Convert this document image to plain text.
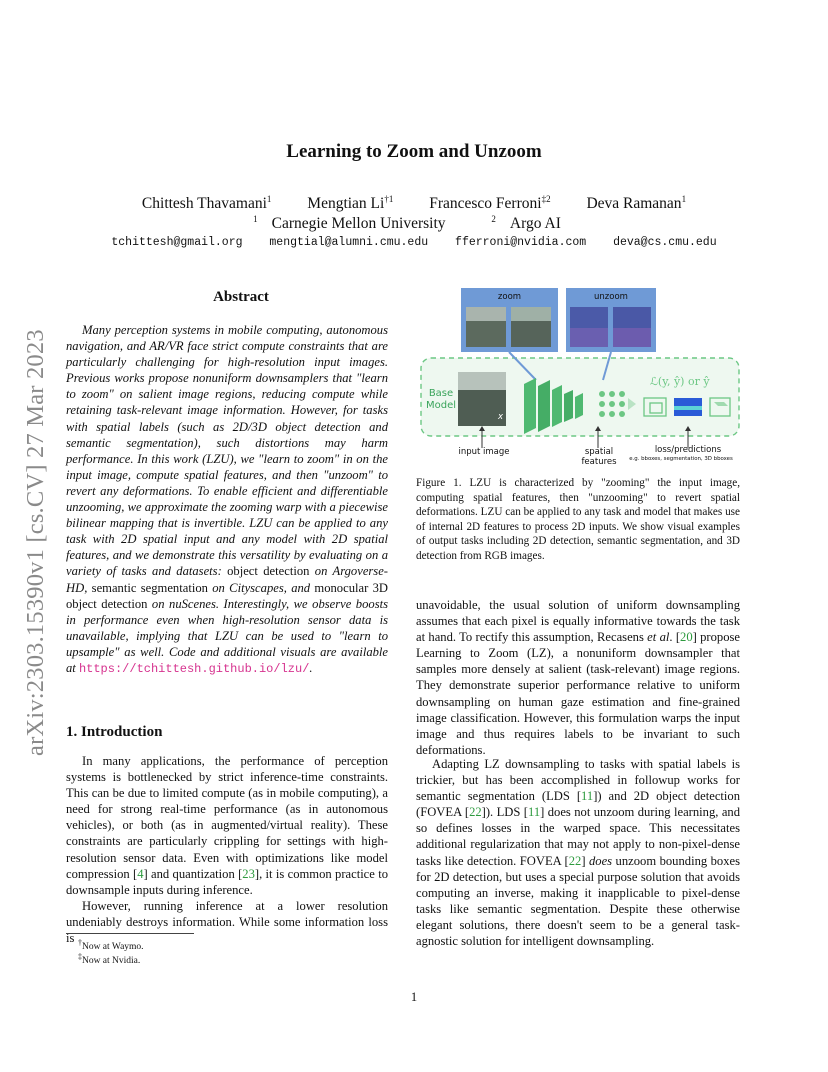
Learning to Zoom and Unzoom
Chittesh Thavamani$^1$ Mengtian Li$^{\dagger 1}$ Francesco Ferroni$^{\ddagger 2}$ Deva Ramanan$^1$
$^1$ Carnegie Mellon University	$^2$ Argo AI
tchittesh@gmail.org mengtial@alumni.cmu.edu fferroni@nvidia.com deva@cs.cmu.edu
arXiv:2303.15390v1 [cs.CV] 27 Mar 2023
Abstract
Many perception systems in mobile computing, autonomous navigation, and AR/VR face strict compute constraints that are particularly challenging for high-resolution input images. Previous works propose nonuniform downsamplers that "learn to zoom" on salient image regions, reducing compute while retaining task-relevant image information. However, for tasks with spatial labels (such as 2D/3D object detection and semantic segmentation), such distortions may harm performance. In this work (LZU), we "learn to zoom" in on the input image, compute spatial features, and then "unzoom" to revert any deformations. To enable efficient and differentiable unzooming, we approximate the zooming warp with a piecewise bilinear mapping that is invertible. LZU can be applied to any task with 2D spatial input and any model with 2D spatial features, and we demonstrate this versatility by evaluating on a variety of tasks and datasets: object detection on Argoverse-HD, semantic segmentation on Cityscapes, and monocular 3D object detection on nuScenes. Interestingly, we observe boosts in performance even when high-resolution sensor data is unavailable, implying that LZU can be used to "learn to upsample" as well. Code and additional visuals are available at https://tchittesh.github.io/lzu/.
1. Introduction
In many applications, the performance of perception systems is bottlenecked by strict inference-time constraints. This can be due to limited compute (as in mobile computing), a need for strong real-time performance (as in autonomous vehicles), or both (as in augmented/virtual reality). These constraints are particularly crippling for settings with high-resolution sensor data. Even with optimizations like model compression [4] and quantization [23], it is common practice to downsample inputs during inference.
However, running inference at a lower resolution undeniably destroys information. While some information loss is †Now at Waymo.
‡Now at Nvidia.
1
zoom	unzoom
Base Model
x
ℒ(y, ŷ) or ŷ
input image	spatial features
loss/predictions
e.g. bboxes, segmentation, 3D bboxes
Figure 1. LZU is characterized by "zooming" the input image, computing spatial features, then "unzooming" to revert spatial deformations. LZU can be applied to any task and model that makes use of internal 2D features to process 2D inputs. We show visual examples of output tasks including 2D detection, semantic segmentation, and 3D detection from RGB images.
unavoidable, the usual solution of uniform downsampling assumes that each pixel is equally informative towards the task at hand. To rectify this assumption, Recasens et al. [20] propose Learning to Zoom (LZ), a nonuniform downsampler that samples more densely at salient (task-relevant) image regions. They demonstrate superior performance relative to uniform downsampling on human gaze estimation and fine-grained image classification. However, this formulation warps the input image and thus requires labels to be invariant to such deformations.
Adapting LZ downsampling to tasks with spatial labels is trickier, but has been accomplished in followup works for semantic segmentation (LDS [11]) and 2D object detection (FOVEA [22]). LDS [11] does not unzoom during learning, and so defines losses in the warped space. This necessitates additional regularization that may not apply to non-pixel-dense tasks like detection. FOVEA [22] does unzoom bounding boxes for 2D detection, but uses a special purpose solution that avoids computing an inverse, making it inapplicable to pixel-dense tasks like semantic segmentation. Despite these otherwise elegant solutions, there doesn't seem to be a general task-agnostic solution for intelligent downsampling.
